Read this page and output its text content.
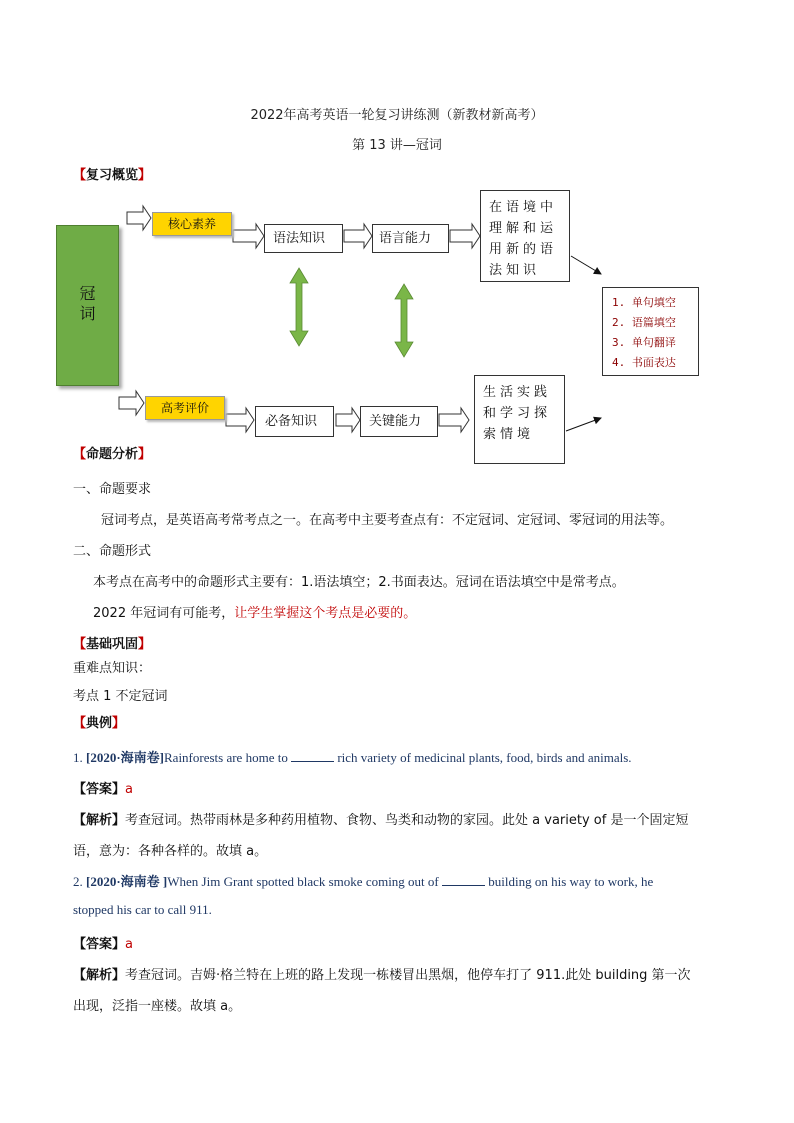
2022年高考英语一轮复习讲练测（新教材新高考）
第 13 讲—冠词
【复习概览】
冠
词
核心素养
高考评价
语法知识	语言能力
在语境中理解和运用新的语法知识
必备知识	关键能力
生活实践和学习探索情境
1. 单句填空
2. 语篇填空
3. 单句翻译
4. 书面表达
【命题分析】
一、命题要求
冠词考点，是英语高考常考点之一。在高考中主要考查点有：不定冠词、定冠词、零冠词的用法等。
二、命题形式
本考点在高考中的命题形式主要有：1.语法填空；2.书面表达。冠词在语法填空中是常考点。
2022 年冠词有可能考，让学生掌握这个考点是必要的。
【基础巩固】
重难点知识：
考点 1 不定冠词
【典例】
1. [2020·海南卷]Rainforests are home to	rich variety of medicinal plants, food, birds and animals.
【答案】a
【解析】考查冠词。热带雨林是多种药用植物、食物、鸟类和动物的家园。此处 a variety of 是一个固定短
语，意为：各种各样的。故填 a。
2. [2020·海南卷 ]When Jim Grant spotted black smoke coming out of	building on his way to work, he
stopped his car to call 911.
【答案】a
【解析】考查冠词。吉姆·格兰特在上班的路上发现一栋楼冒出黑烟，他停车打了 911.此处 building 第一次
出现，泛指一座楼。故填 a。
